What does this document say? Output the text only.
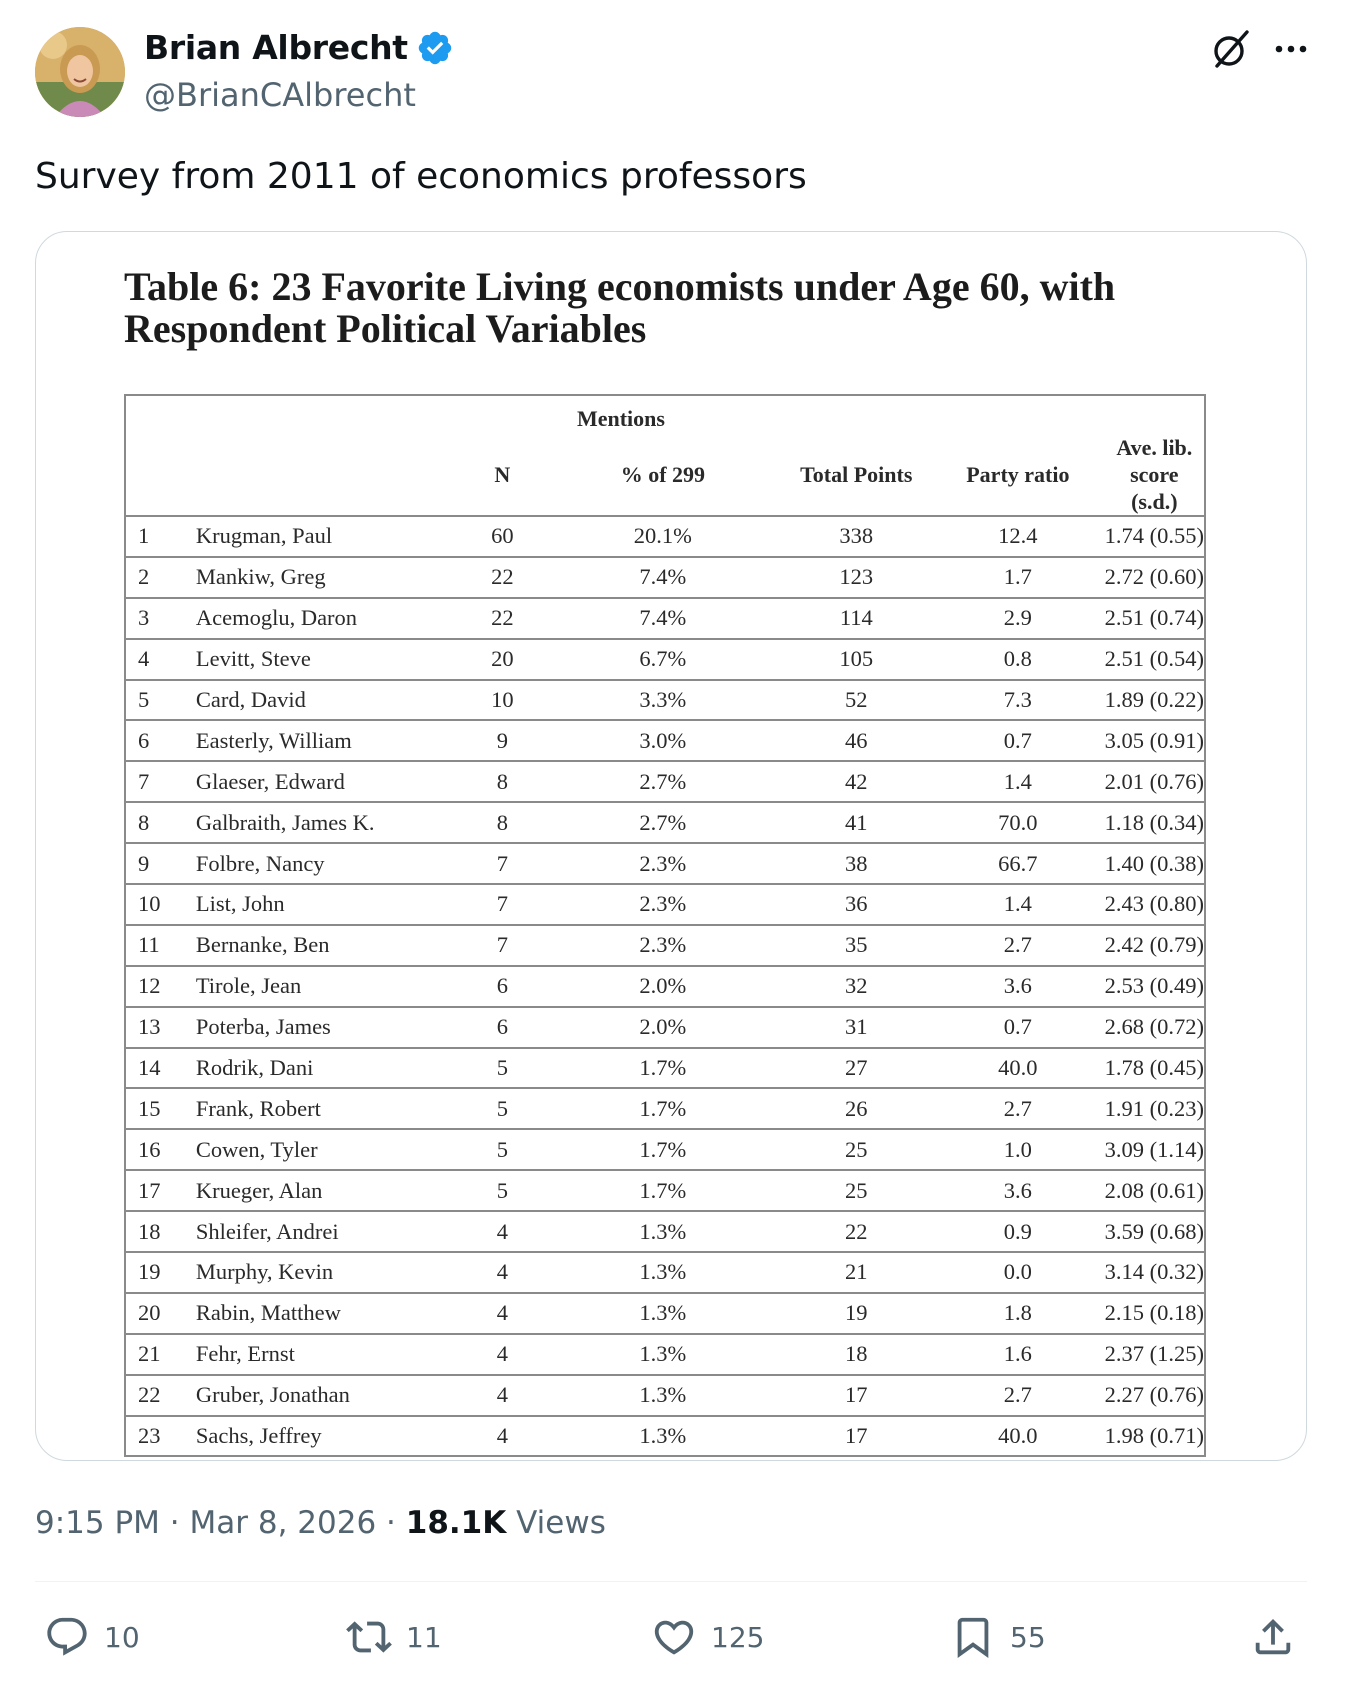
Brian Albrecht
@BrianCAlbrecht
Survey from 2011 of economics professors
Table 6: 23 Favorite Living economists under Age 60, with Respondent Political Variables
		Mentions				
		N	% of 299	Total Points	Party ratio	Ave. lib.
score (s.d.)
1	Krugman, Paul	60	20.1%	338	12.4	1.74 (0.55)
2	Mankiw, Greg	22	7.4%	123	1.7	2.72 (0.60)
3	Acemoglu, Daron	22	7.4%	114	2.9	2.51 (0.74)
4	Levitt, Steve	20	6.7%	105	0.8	2.51 (0.54)
5	Card, David	10	3.3%	52	7.3	1.89 (0.22)
6	Easterly, William	9	3.0%	46	0.7	3.05 (0.91)
7	Glaeser, Edward	8	2.7%	42	1.4	2.01 (0.76)
8	Galbraith, James K.	8	2.7%	41	70.0	1.18 (0.34)
9	Folbre, Nancy	7	2.3%	38	66.7	1.40 (0.38)
10	List, John	7	2.3%	36	1.4	2.43 (0.80)
11	Bernanke, Ben	7	2.3%	35	2.7	2.42 (0.79)
12	Tirole, Jean	6	2.0%	32	3.6	2.53 (0.49)
13	Poterba, James	6	2.0%	31	0.7	2.68 (0.72)
14	Rodrik, Dani	5	1.7%	27	40.0	1.78 (0.45)
15	Frank, Robert	5	1.7%	26	2.7	1.91 (0.23)
16	Cowen, Tyler	5	1.7%	25	1.0	3.09 (1.14)
17	Krueger, Alan	5	1.7%	25	3.6	2.08 (0.61)
18	Shleifer, Andrei	4	1.3%	22	0.9	3.59 (0.68)
19	Murphy, Kevin	4	1.3%	21	0.0	3.14 (0.32)
20	Rabin, Matthew	4	1.3%	19	1.8	2.15 (0.18)
21	Fehr, Ernst	4	1.3%	18	1.6	2.37 (1.25)
22	Gruber, Jonathan	4	1.3%	17	2.7	2.27 (0.76)
23	Sachs, Jeffrey	4	1.3%	17	40.0	1.98 (0.71)
9:15 PM · Mar 8, 2026 · 18.1K Views
10	11	125	55
